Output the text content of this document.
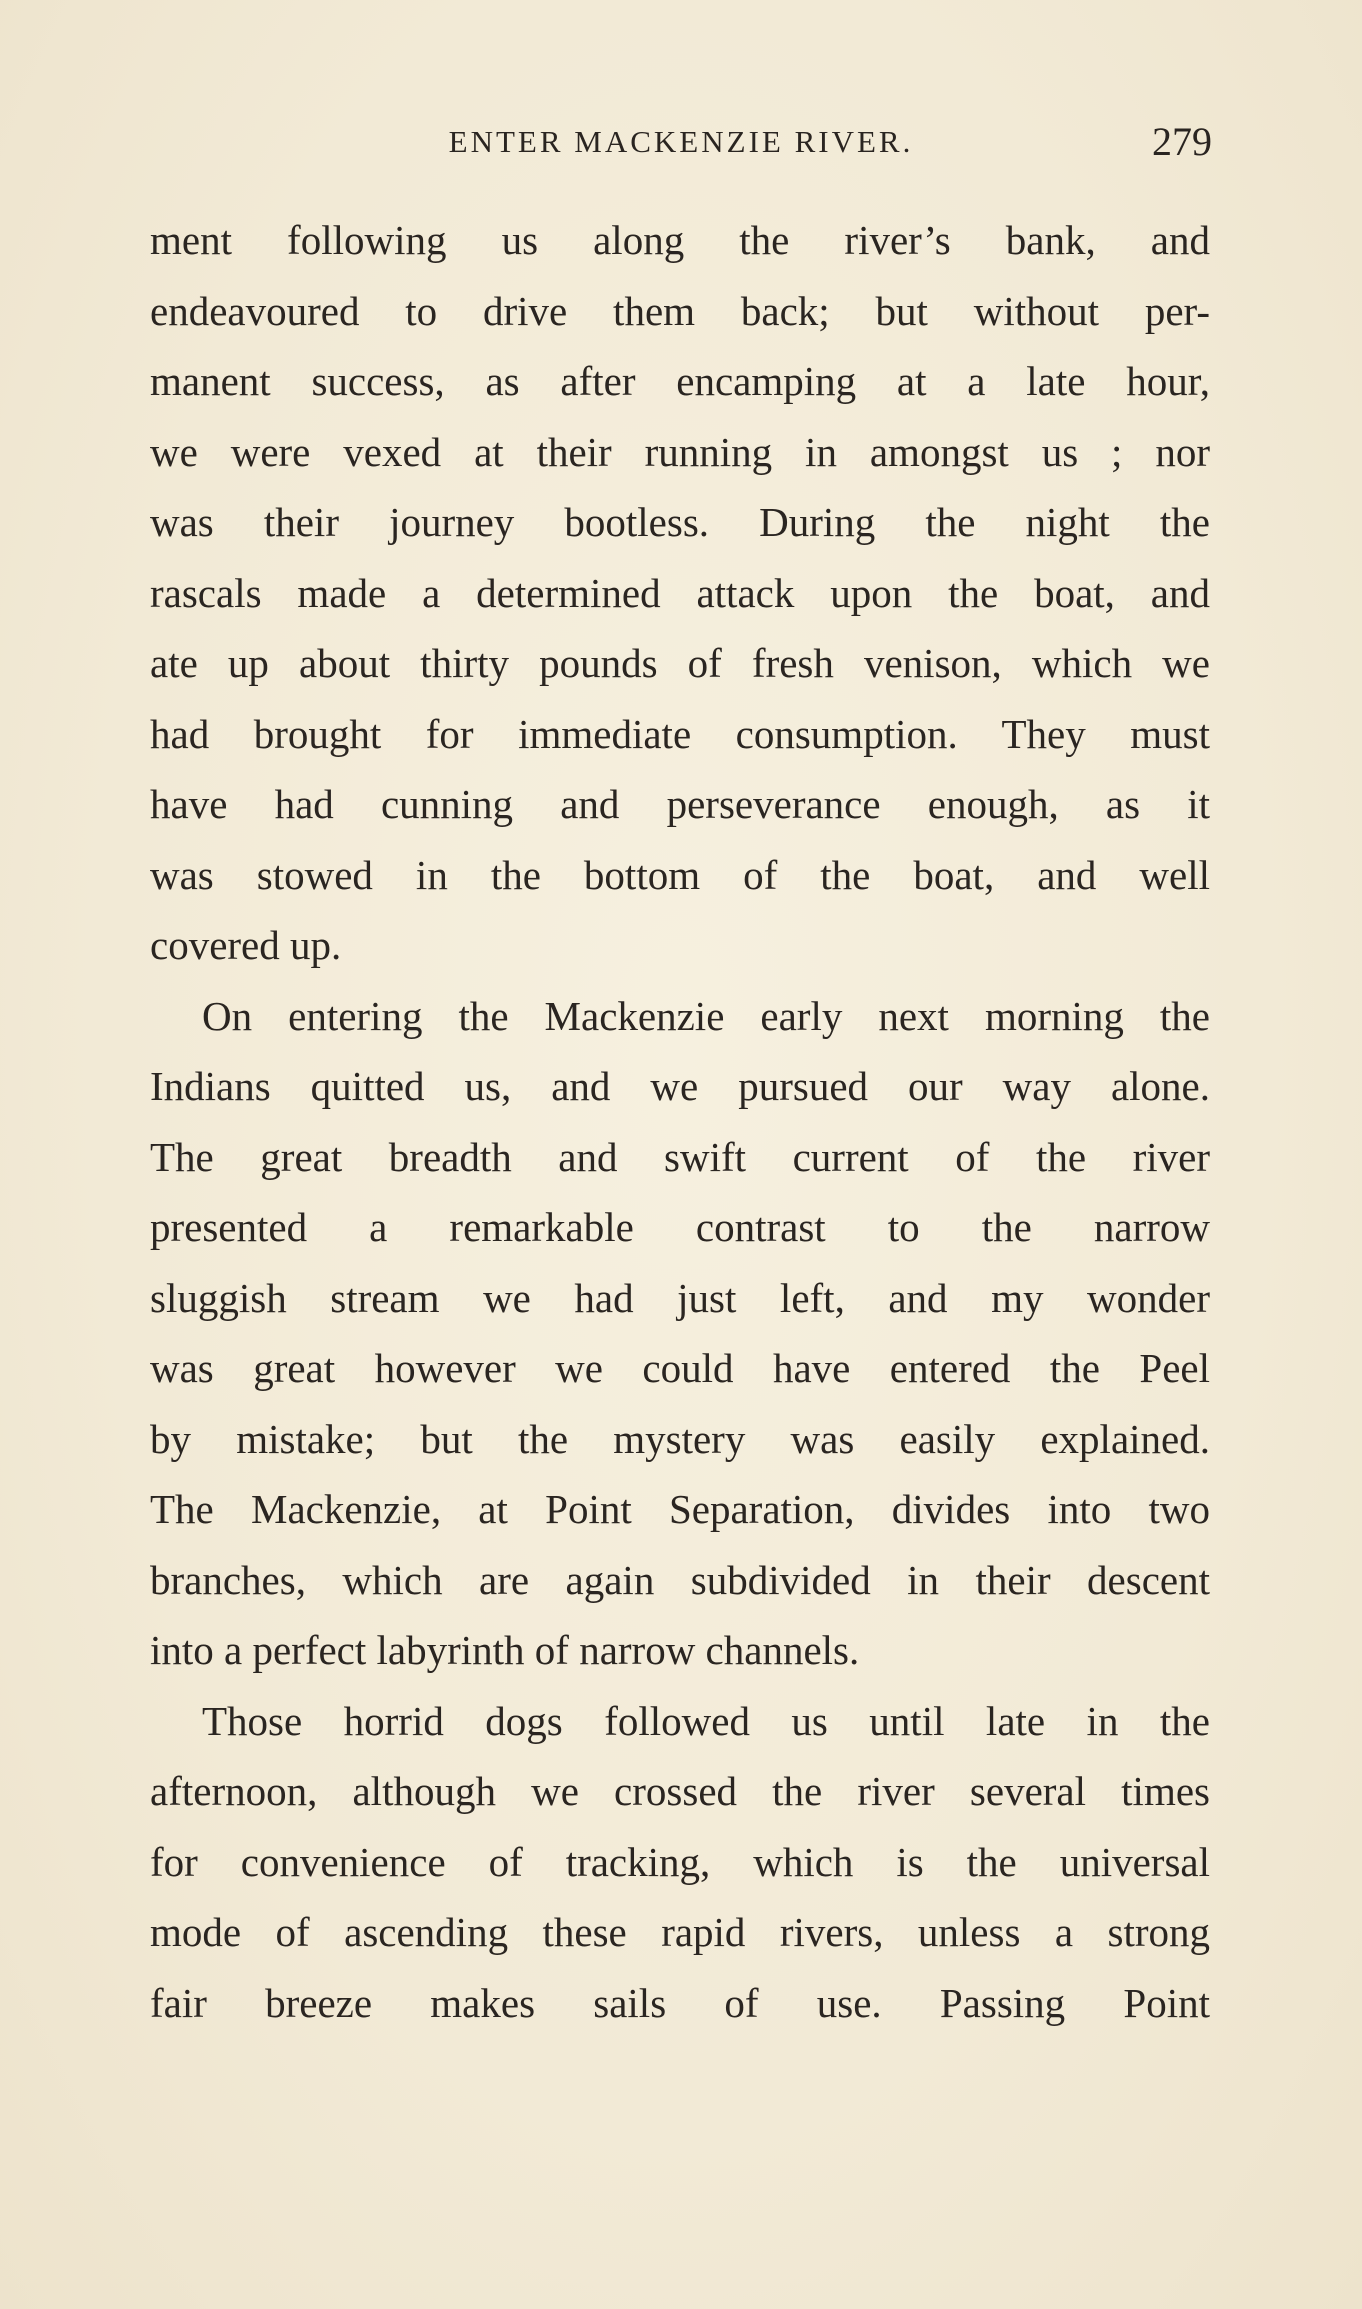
ENTER MACKENZIE RIVER.	279
ment following us along the river’s bank, and
endeavoured to drive them back; but without per-
manent success, as after encamping at a late hour,
we were vexed at their running in amongst us ; nor
was their journey bootless. During the night the
rascals made a determined attack upon the boat, and
ate up about thirty pounds of fresh venison, which we
had brought for immediate consumption. They must
have had cunning and perseverance enough, as it
was stowed in the bottom of the boat, and well
covered up.
On entering the Mackenzie early next morning the
Indians quitted us, and we pursued our way alone.
The great breadth and swift current of the river
presented a remarkable contrast to the narrow
sluggish stream we had just left, and my wonder
was great however we could have entered the Peel
by mistake; but the mystery was easily explained.
The Mackenzie, at Point Separation, divides into two
branches, which are again subdivided in their descent
into a perfect labyrinth of narrow channels.
Those horrid dogs followed us until late in the
afternoon, although we crossed the river several times
for convenience of tracking, which is the universal
mode of ascending these rapid rivers, unless a strong
fair breeze makes sails of use. Passing Point
